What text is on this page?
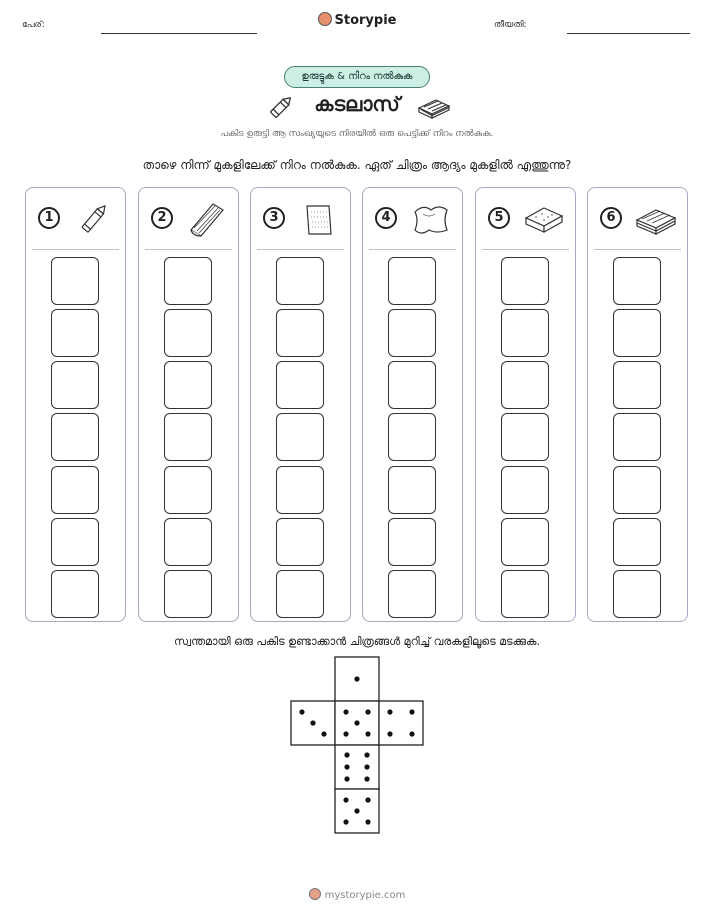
പേര്:	Storypie	തീയതി:
ഉരുട്ടുക & നിറം നൽകുക
കടലാസ്
പകിട ഉരുട്ടി ആ സംഖ്യയുടെ നിരയിൽ ഒരു പെട്ടിക്ക് നിറം നൽകുക.
താഴെ നിന്ന് മുകളിലേക്ക് നിറം നൽകുക. ഏത് ചിത്രം ആദ്യം മുകളിൽ എത്തുന്നു?
1	2	3	4	5	6
സ്വന്തമായി ഒരു പകിട ഉണ്ടാക്കാൻ ചിത്രങ്ങൾ മുറിച്ച് വരകളിലൂടെ മടക്കുക.
mystorypie.com
